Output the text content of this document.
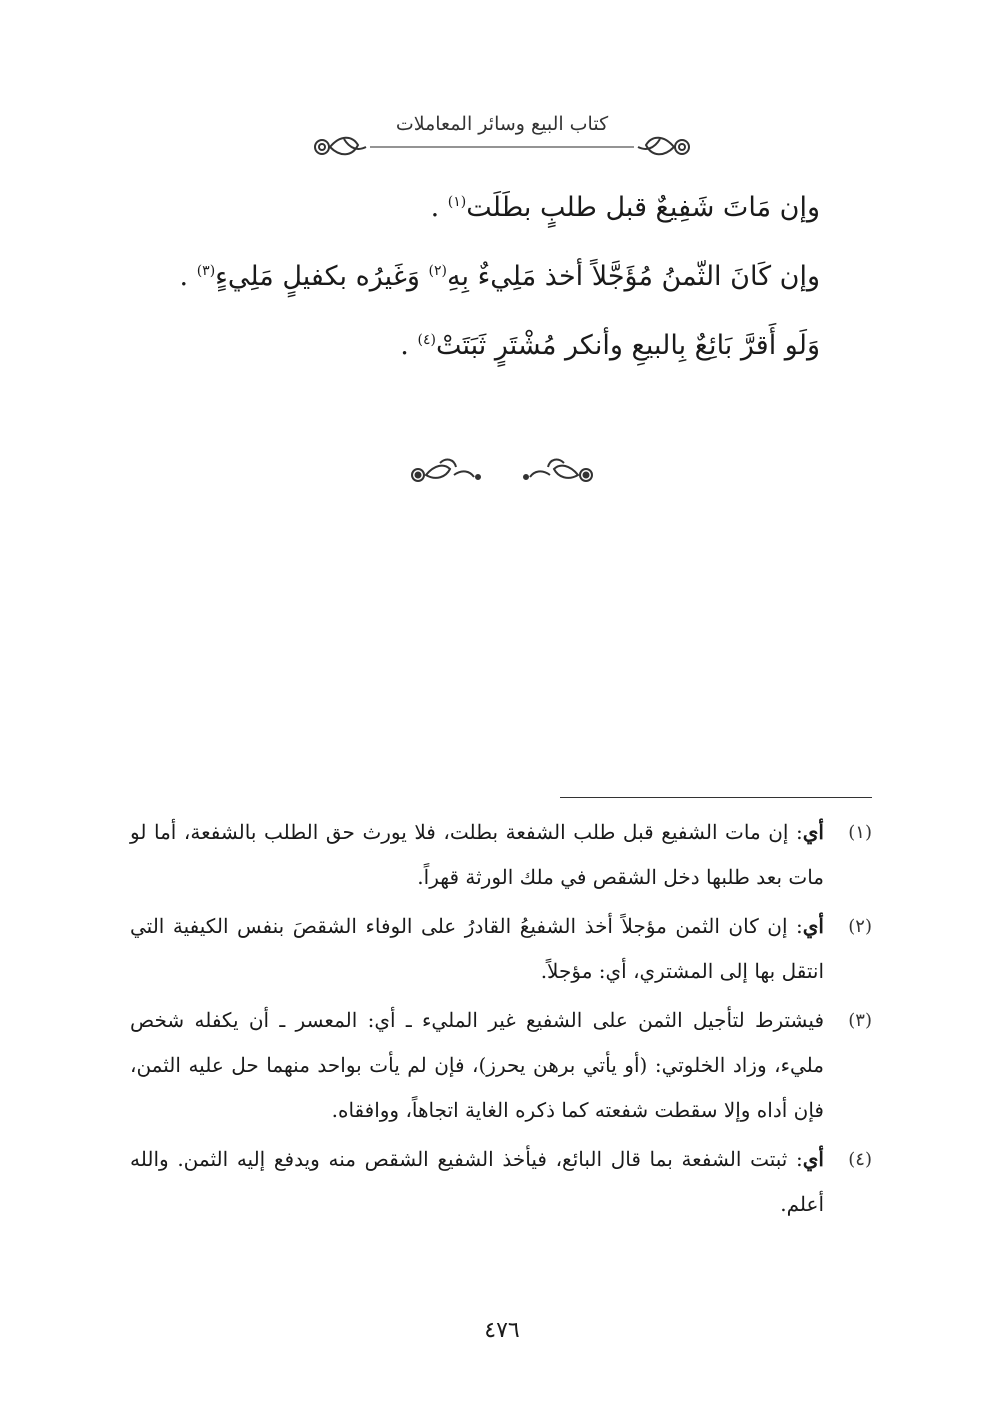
كتاب البيع وسائر المعاملات

وإن مَاتَ شَفِيعٌ قبل طلبٍ بطَلَت$^{(١)}$ .

وإن كَانَ الثّمنُ مُؤَجَّلاً أخذ مَلِيءٌ بِهِ$^{(٢)}$ وَغَيرُه بكفيلٍ مَلِيءٍ$^{(٣)}$ .

وَلَو أَقرَّ بَائِعٌ بِالبيعِ وأنكر مُشْتَرٍ ثَبَتَتْ$^{(٤)}$ .

(١)
أي: إن مات الشفيع قبل طلب الشفعة بطلت، فلا يورث حق الطلب بالشفعة، أما لو مات بعد طلبها دخل الشقص في ملك الورثة قهراً.

(٢)
أي: إن كان الثمن مؤجلاً أخذ الشفيعُ القادرُ على الوفاء الشقصَ بنفس الكيفية التي انتقل بها إلى المشتري، أي: مؤجلاً.

(٣)
فيشترط لتأجيل الثمن على الشفيع غير المليء ـ أي: المعسر ـ أن يكفله شخص مليء، وزاد الخلوتي: (أو يأتي برهن يحرز)، فإن لم يأت بواحد منهما حل عليه الثمن، فإن أداه وإلا سقطت شفعته كما ذكره الغاية اتجاهاً، ووافقاه.

(٤)
أي: ثبتت الشفعة بما قال البائع، فيأخذ الشفيع الشقص منه ويدفع إليه الثمن. والله أعلم.

٤٧٦
